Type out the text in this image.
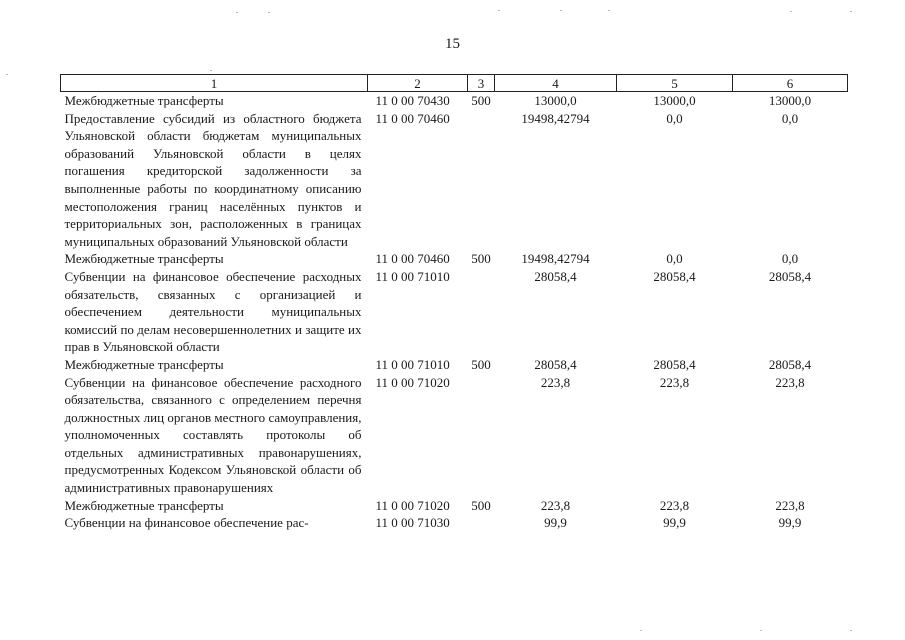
15
1	2	3	4	5	6
Межбюджетные трансферты	11 0 00 70430	500	13000,0	13000,0	13000,0
Предоставление субсидий из областного бюджета Ульяновской области бюджетам муниципальных образований Ульяновской области в целях погашения кредиторской задолженности за выполненные работы по координатному описанию местоположения границ населённых пунктов и территориальных зон, расположенных в границах муниципальных образований Ульяновской области	11 0 00 70460		19498,42794	0,0	0,0
Межбюджетные трансферты	11 0 00 70460	500	19498,42794	0,0	0,0
Субвенции на финансовое обеспечение расходных обязательств, связанных с организацией и обеспечением деятельности муниципальных комиссий по делам несовершеннолетних и защите их прав в Ульяновской области	11 0 00 71010		28058,4	28058,4	28058,4
Межбюджетные трансферты	11 0 00 71010	500	28058,4	28058,4	28058,4
Субвенции на финансовое обеспечение расходного обязательства, связанного с определением перечня должностных лиц органов местного самоуправления, уполномоченных составлять протоколы об отдельных административных правонарушениях, предусмотренных Кодексом Ульяновской области об административных правонарушениях	11 0 00 71020		223,8	223,8	223,8
Межбюджетные трансферты	11 0 00 71020	500	223,8	223,8	223,8
Субвенции на финансовое обеспечение рас-	11 0 00 71030		99,9	99,9	99,9
